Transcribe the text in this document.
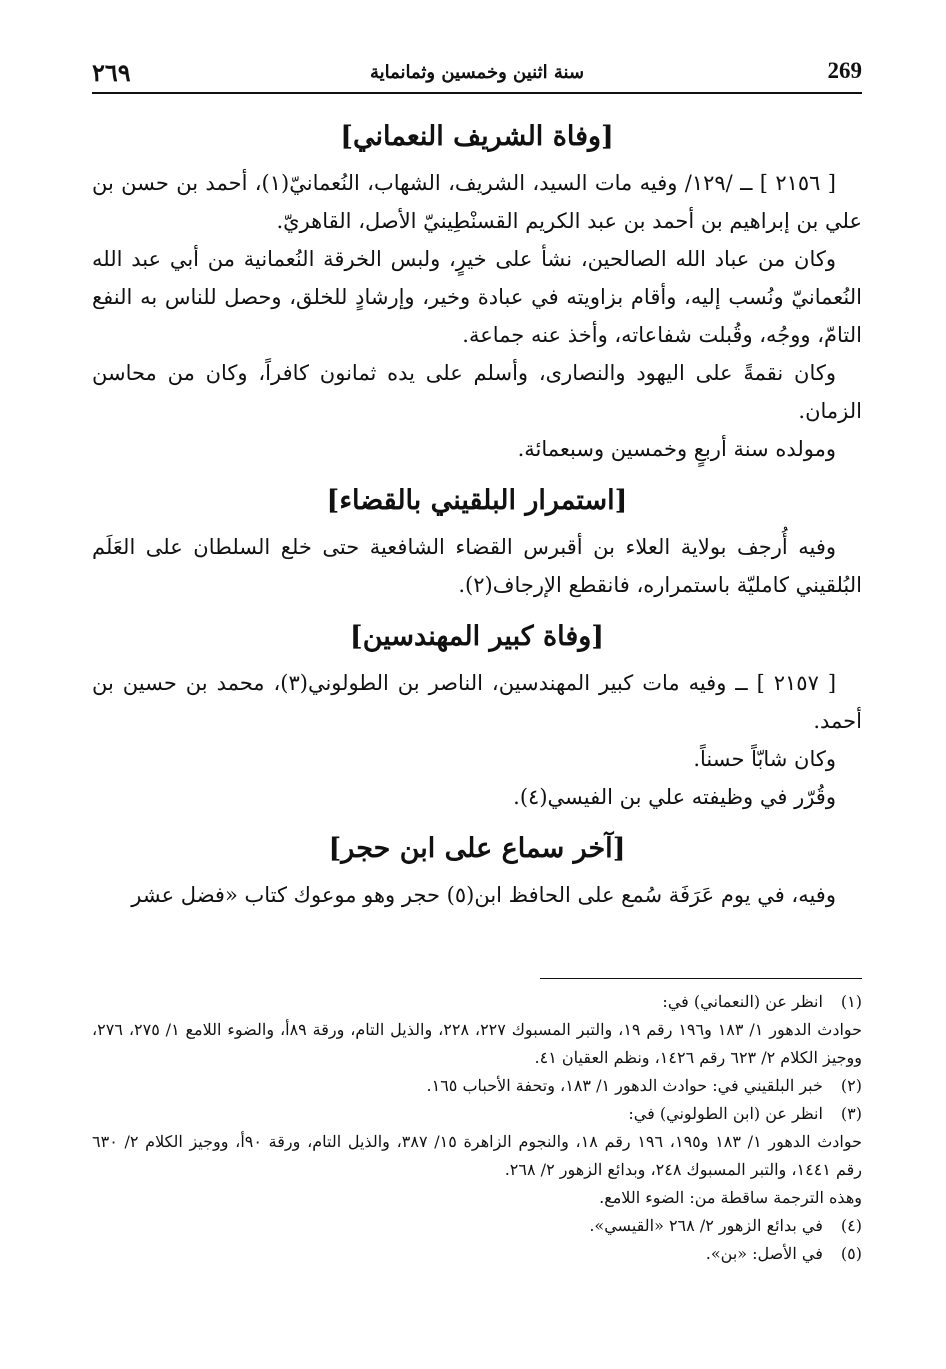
٢٦٩	سنة اثنين وخمسين وثمانماية	269

[وفاة الشريف النعماني]

[ ٢١٥٦ ] ــ /١٢٩/ وفيه مات السيد، الشريف، الشهاب، النُعمانيّ(١)، أحمد بن حسن بن علي بن إبراهيم بن أحمد بن عبد الكريم القسنْطِينيّ الأصل، القاهريّ.

وكان من عباد الله الصالحين، نشأ على خيرٍ، ولبس الخرقة النُعمانية من أبي عبد الله النُعمانيّ ونُسب إليه، وأقام بزاويته في عبادة وخير، وإرشادٍ للخلق، وحصل للناس به النفع التامّ، ووجُه، وقُبلت شفاعاته، وأخذ عنه جماعة.

وكان نقمةً على اليهود والنصارى، وأسلم على يده ثمانون كافراً، وكان من محاسن الزمان.

ومولده سنة أربعٍ وخمسين وسبعمائة.

[استمرار البلقيني بالقضاء]

وفيه أُرجف بولاية العلاء بن أقبرس القضاء الشافعية حتى خلع السلطان على العَلَم البُلقيني كامليّة باستمراره، فانقطع الإرجاف(٢).

[وفاة كبير المهندسين]

[ ٢١٥٧ ] ــ وفيه مات كبير المهندسين، الناصر بن الطولوني(٣)، محمد بن حسين بن أحمد.

وكان شابّاً حسناً.

وقُرّر في وظيفته علي بن الفيسي(٤).

[آخر سماع على ابن حجر]

وفيه، في يوم عَرَفَة سُمع على الحافظ ابن(٥) حجر وهو موعوك كتاب «فضل عشر

(١) انظر عن (النعماني) في:

حوادث الدهور ١/ ١٨٣ و١٩٦ رقم ١٩، والتبر المسبوك ٢٢٧، ٢٢٨، والذيل التام، ورقة ٨٩أ، والضوء اللامع ١/ ٢٧٥، ٢٧٦، ووجيز الكلام ٢/ ٦٢٣ رقم ١٤٢٦، ونظم العقيان ٤١.

(٢) خبر البلقيني في: حوادث الدهور ١/ ١٨٣، وتحفة الأحباب ١٦٥.

(٣) انظر عن (ابن الطولوني) في:

حوادث الدهور ١/ ١٨٣ و١٩٥، ١٩٦ رقم ١٨، والنجوم الزاهرة ١٥/ ٣٨٧، والذيل التام، ورقة ٩٠أ، ووجيز الكلام ٢/ ٦٣٠ رقم ١٤٤١، والتبر المسبوك ٢٤٨، وبدائع الزهور ٢/ ٢٦٨.

وهذه الترجمة ساقطة من: الضوء اللامع.

(٤) في بدائع الزهور ٢/ ٢٦٨ «القيسي».

(٥) في الأصل: «بن».
